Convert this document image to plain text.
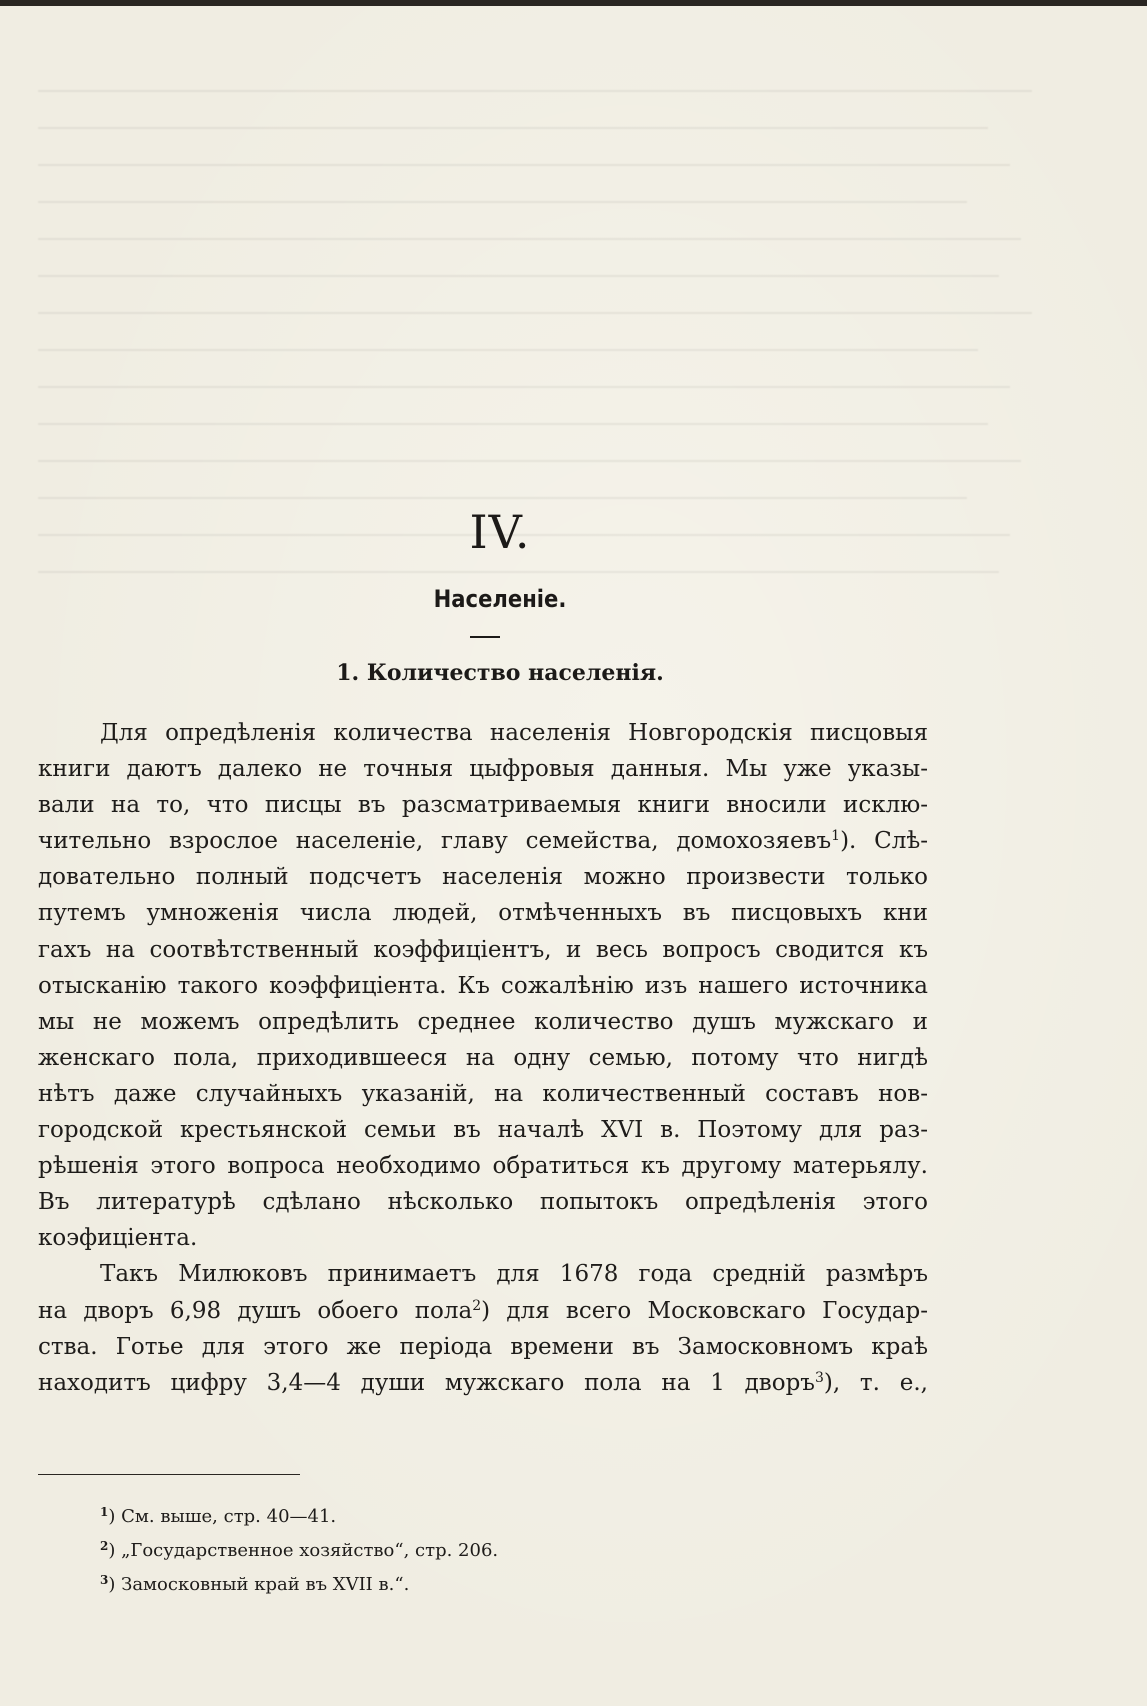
IV.
Населеніе.
1. Количество населенія.
Для опредѣленія количества населенія Новгородскія писцовыя
книги даютъ далеко не точныя цыфровыя данныя. Мы уже указы-
вали на то, что писцы въ разсматриваемыя книги вносили исклю-
чительно взрослое населеніе, главу семейства, домохозяевъ$^1$). Слѣ-
довательно полный подсчетъ населенія можно произвести только
путемъ умноженія числа людей, отмѣченныхъ въ писцовыхъ кни
гахъ на соотвѣтственный коэффиціентъ, и весь вопросъ сводится къ
отысканію такого коэффиціента. Къ сожалѣнію изъ нашего источника
мы не можемъ опредѣлить среднее количество душъ мужскаго и
женскаго пола, приходившееся на одну семью, потому что нигдѣ
нѣтъ даже случайныхъ указаній, на количественный составъ нов-
городской крестьянской семьи въ началѣ XVI в. Поэтому для раз-
рѣшенія этого вопроса необходимо обратиться къ другому матерьялу.
Въ литературѣ сдѣлано нѣсколько попытокъ опредѣленія этого
коэфиціента.
Такъ Милюковъ принимаетъ для 1678 года средній размѣръ
на дворъ 6,98 душъ обоего пола$^2$) для всего Московскаго Государ-
ства. Готье для этого же періода времени въ Замосковномъ краѣ
находитъ цифру 3,4—4 души мужскаго пола на 1 дворъ$^3$), т. е.,
$^1$) См. выше, стр. 40—41.
$^2$) „Государственное хозяйство“, стр. 206.
$^3$) Замосковный край въ XVII в.“.
